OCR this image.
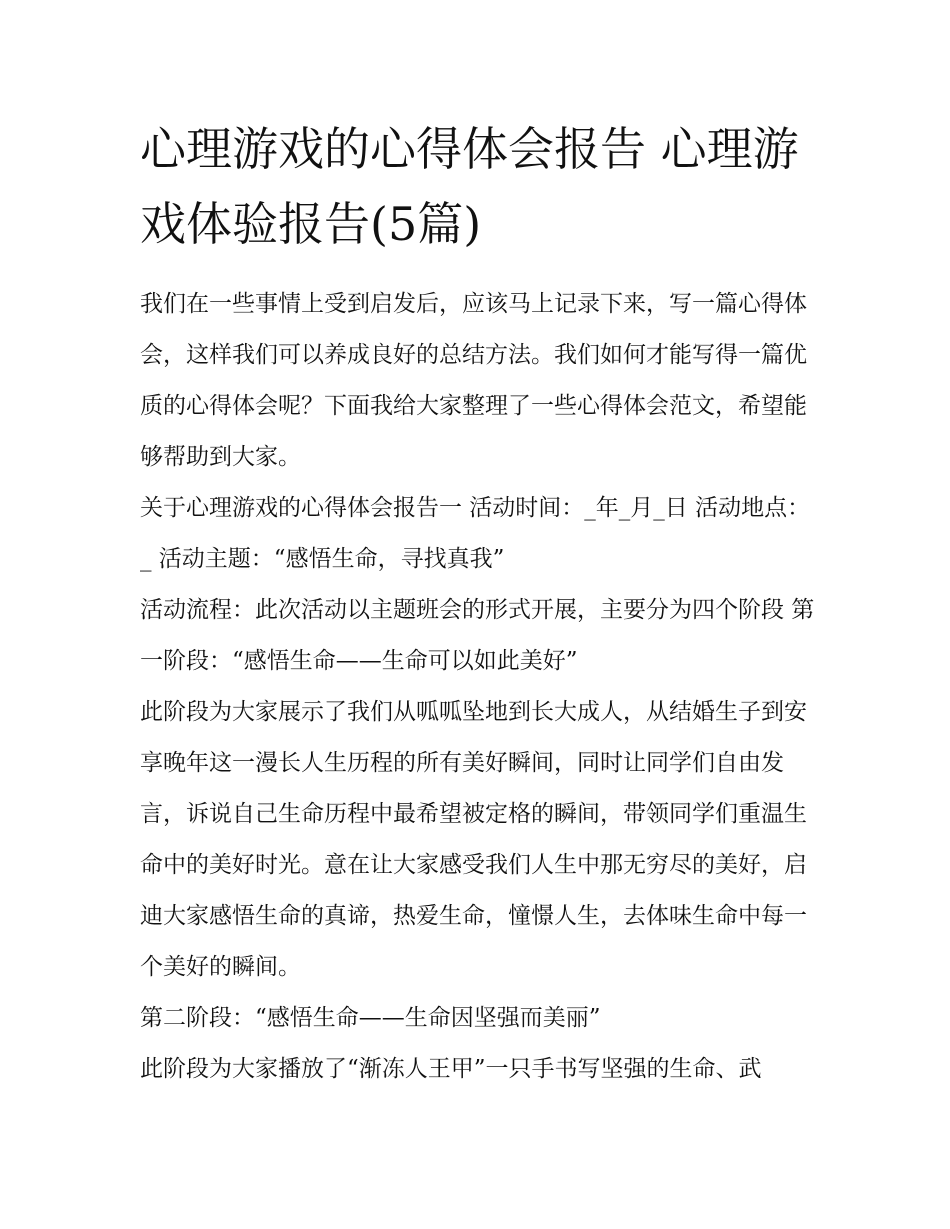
心理游戏的心得体会报告 心理游戏体验报告(5篇)

我们在一些事情上受到启发后，应该马上记录下来，写一篇心得体会，这样我们可以养成良好的总结方法。我们如何才能写得一篇优质的心得体会呢？下面我给大家整理了一些心得体会范文，希望能够帮助到大家。

关于心理游戏的心得体会报告一 活动时间：_年_月_日 活动地点：_ 活动主题：“感悟生命，寻找真我”

活动流程：此次活动以主题班会的形式开展，主要分为四个阶段 第一阶段：“感悟生命——生命可以如此美好”

此阶段为大家展示了我们从呱呱坠地到长大成人，从结婚生子到安享晚年这一漫长人生历程的所有美好瞬间，同时让同学们自由发言，诉说自己生命历程中最希望被定格的瞬间，带领同学们重温生命中的美好时光。意在让大家感受我们人生中那无穷尽的美好，启迪大家感悟生命的真谛，热爱生命，憧憬人生，去体味生命中每一个美好的瞬间。

第二阶段：“感悟生命——生命因坚强而美丽”

此阶段为大家播放了“渐冻人王甲”一只手书写坚强的生命、武
